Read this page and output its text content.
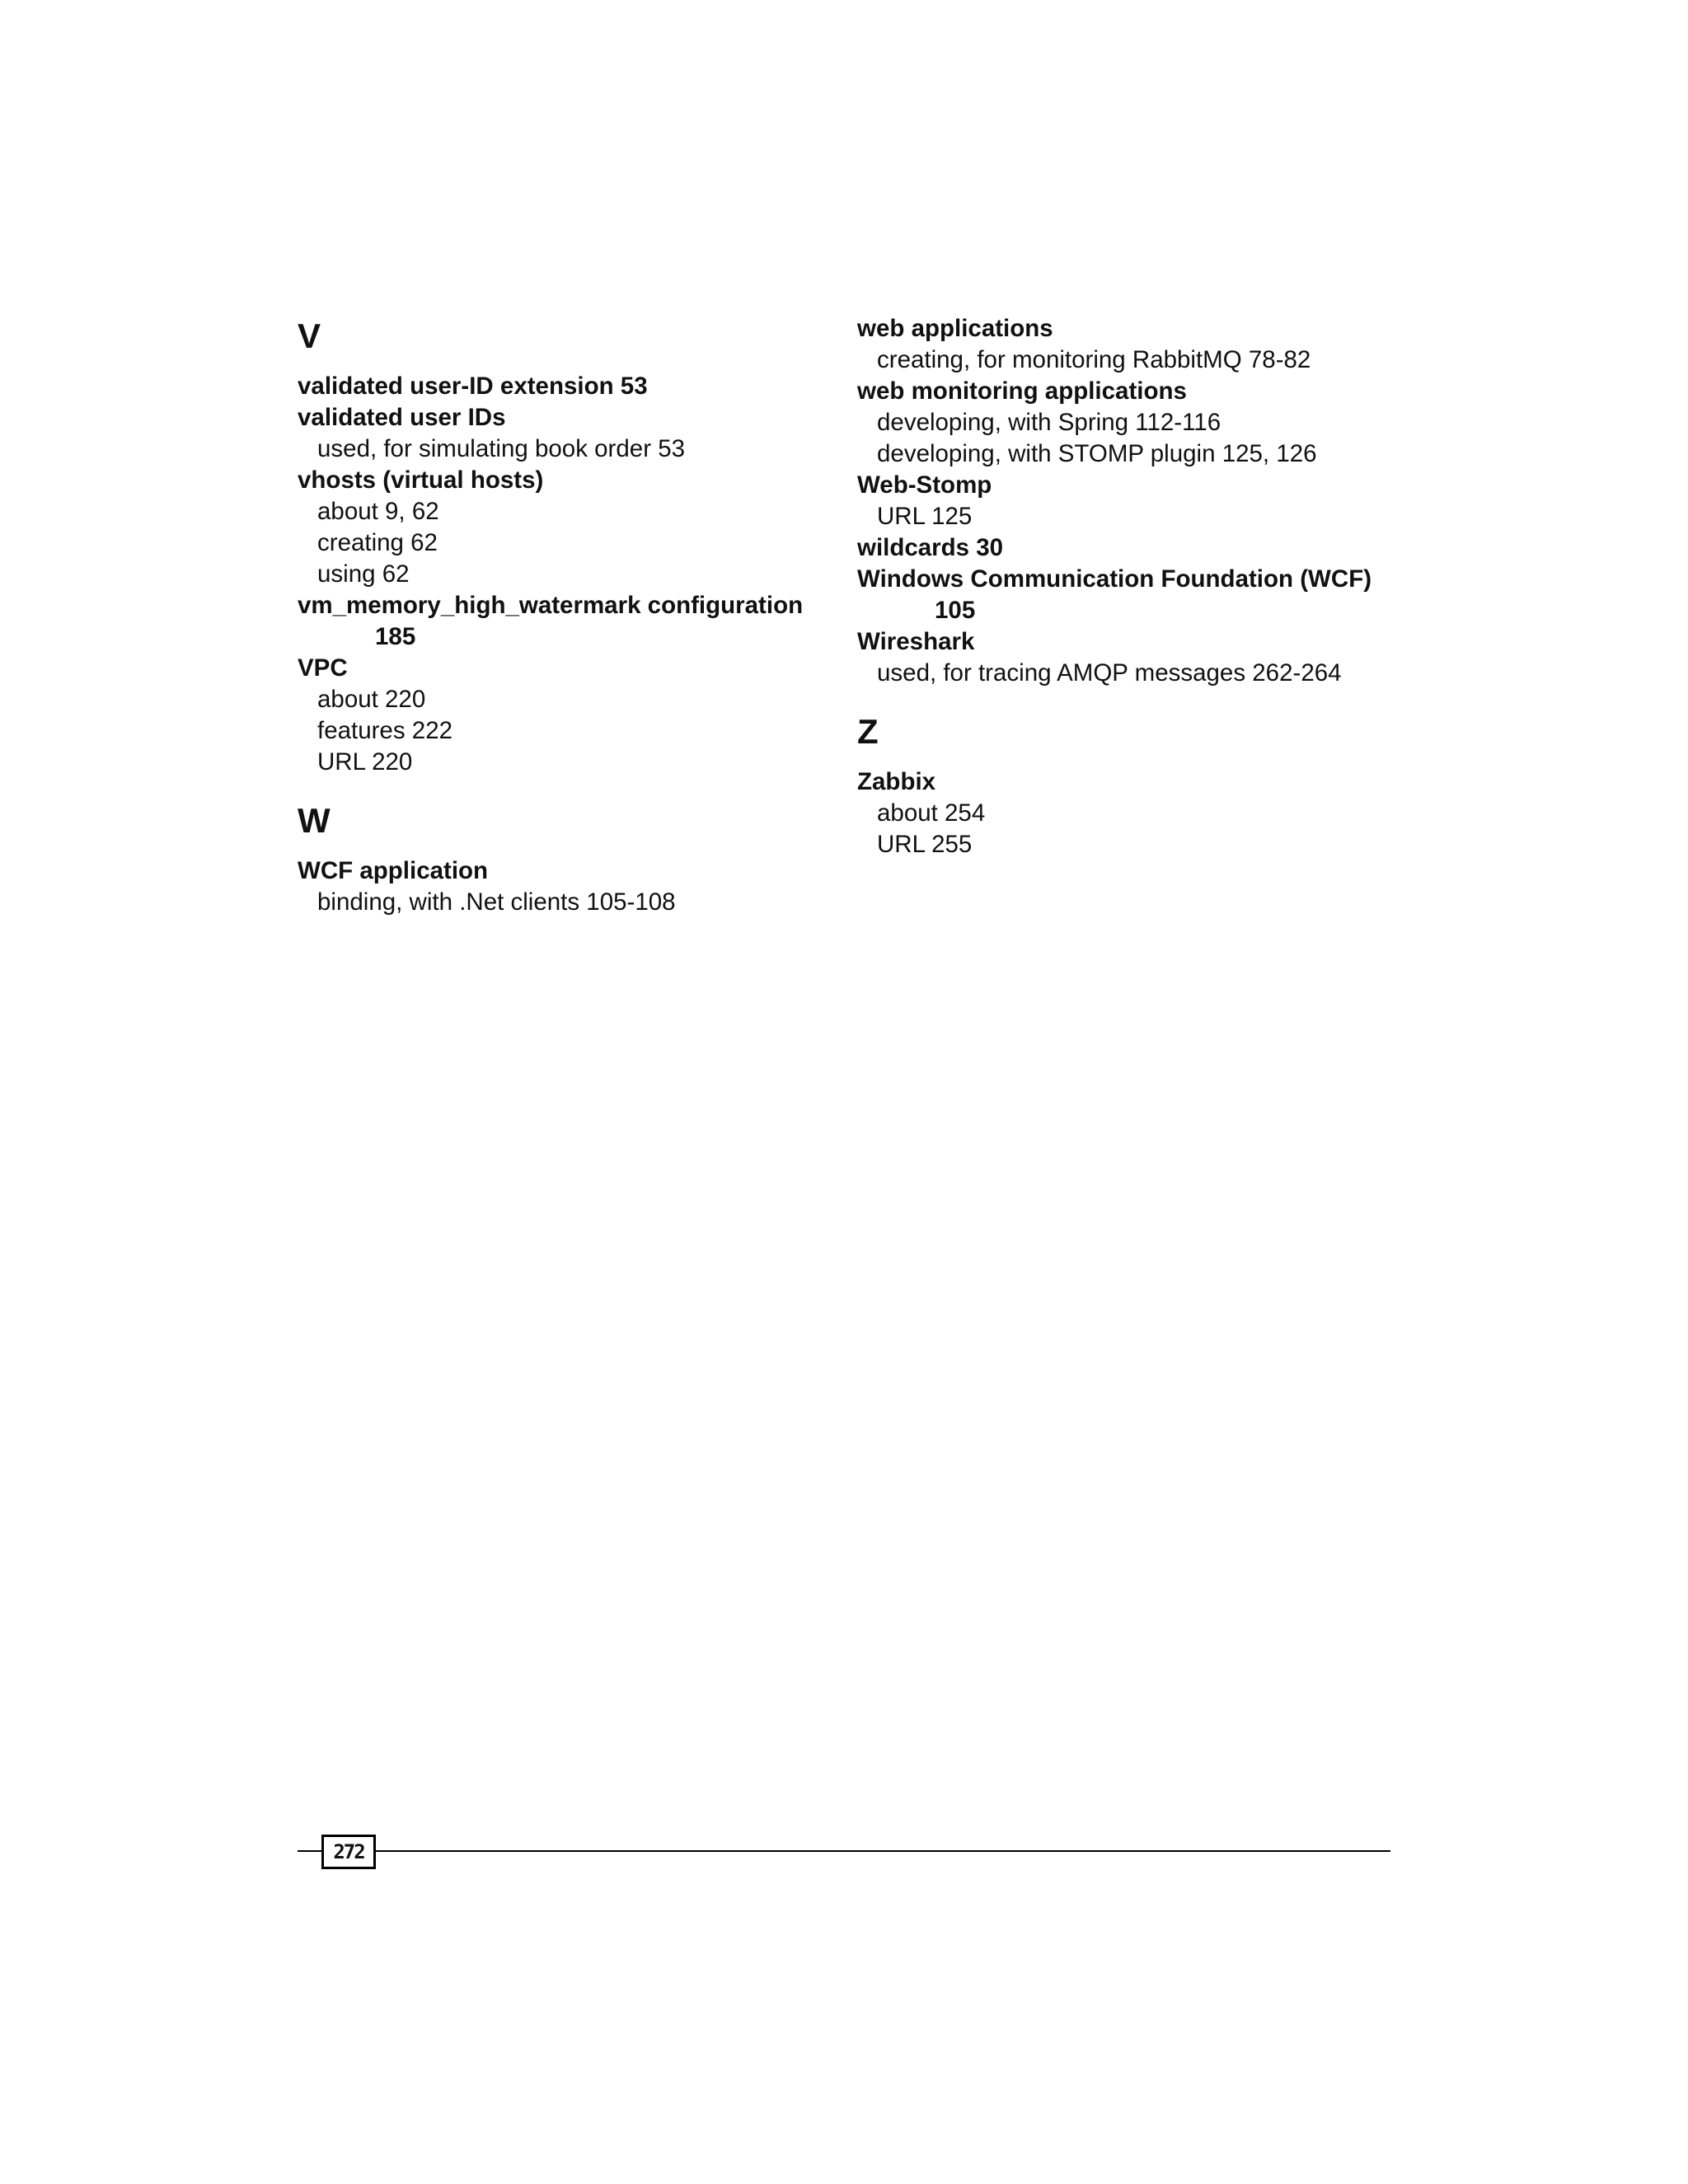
V
validated user-ID extension 53
validated user IDs
used, for simulating book order 53
vhosts (virtual hosts)
about 9, 62
creating 62
using 62
vm_memory_high_watermark configuration
185
VPC
about 220
features 222
URL 220
W
WCF application
binding, with .Net clients 105-108
web applications
creating, for monitoring RabbitMQ 78-82
web monitoring applications
developing, with Spring 112-116
developing, with STOMP plugin 125, 126
Web-Stomp
URL 125
wildcards 30
Windows Communication Foundation (WCF)
105
Wireshark
used, for tracing AMQP messages 262-264
Z
Zabbix
about 254
URL 255
272
